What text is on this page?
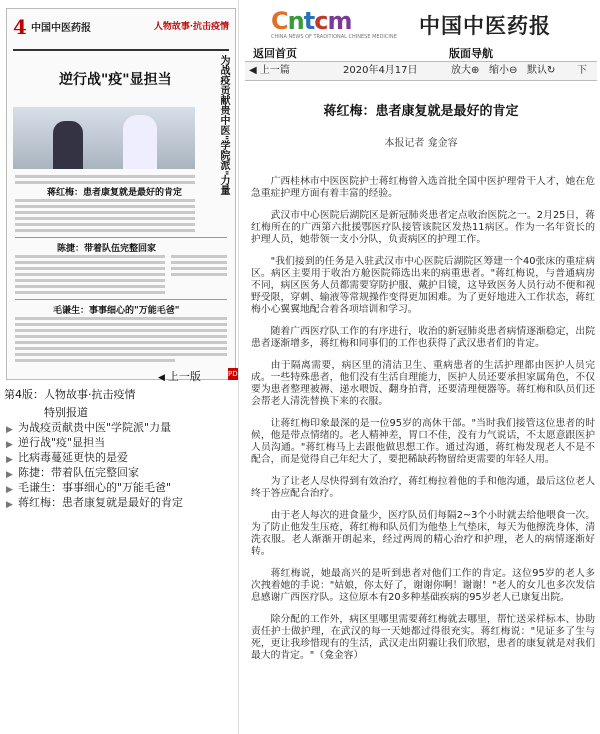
4 中国中医药报	人物故事·抗击疫情
逆行战"疫"显担当	为战疫贡献贵中医"学院派"力量
蒋红梅：患者康复就是最好的肯定
陈捷：带着队伍完整回家
毛谦生：事事细心的"万能毛爸"
◀ 上一版	PDF
第4版：人物故事·抗击疫情
特别报道
▶ 为战疫贡献贵中医"学院派"力量
▶ 逆行战"疫"显担当
▶ 比病毒蔓延更快的是爱
▶ 陈捷：带着队伍完整回家
▶ 毛谦生：事事细心的"万能毛爸"
▶ 蒋红梅：患者康复就是最好的肯定
Cntcm
CHINA NEWS OF TRADITIONAL CHINESE MEDICINE 中国中医药报
返回首页	版面导航
◀ 上一篇	2020年4月17日	放大⊕ 缩小⊖ 默认↻ 下
蒋红梅：患者康复就是最好的肯定
本报记者 龛金容

广西桂林市中医医院护士蒋红梅曾入选首批全国中医护理骨干人才，她在危急重症护理方面有着丰富的经验。

武汉市中心医院后湖院区是新冠肺炎患者定点收治医院之一。2月25日，蒋红梅所在的广西第六批援鄂医疗队接管该院区发热11病区。作为一名年资长的护理人员，她带领一支小分队，负责病区的护理工作。

"我们接到的任务是入驻武汉市中心医院后湖院区筹建一个40张床的重症病区。病区主要用于收治方舱医院筛选出来的病重患者。"蒋红梅说，与普通病房不同，病区医务人员都需要穿防护服、戴护目镜，这导致医务人员行动不便和视野受限，穿刺、输液等常规操作变得更加困难。为了更好地进入工作状态，蒋红梅小心翼翼地配合着各项培训和学习。

随着广西医疗队工作的有序进行，收治的新冠肺炎患者病情逐渐稳定，出院患者逐渐增多，蒋红梅和同事们的工作也获得了武汉患者们的肯定。

由于隔离需要，病区里的清洁卫生、重病患者的生活护理都由医护人员完成。一些特殊患者，他们没有生活自理能力，医护人员还要承担家属角色，不仅要为患者整理被褥、递水喂饭、翻身拍背，还要清理便器等。蒋红梅和队员们还会帮老人清洗替换下来的衣服。

让蒋红梅印象最深的是一位95岁的高休干部。"当时我们接管这位患者的时候，他是带点情绪的。老人精神差，胃口不佳，没有力气说话，不太愿意跟医护人员沟通。"蒋红梅马上去跟他做思想工作。通过沟通，蒋红梅发现老人不是不配合，而是觉得自己年纪大了，要把稀缺药物留给更需要的年轻人用。

为了让老人尽快得到有效治疗，蒋红梅拉着他的手和他沟通，最后这位老人终于答应配合治疗。

由于老人每次的进食量少，医疗队员们每隔2~3个小时就去给他喂食一次。为了防止他发生压疮，蒋红梅和队员们为他垫上气垫床，每天为他擦洗身体，清洗衣服。老人渐渐开朗起来，经过两周的精心治疗和护理，老人的病情逐渐好转。

蒋红梅说，她最高兴的是听到患者对他们工作的肯定。这位95岁的老人多次拽着她的手说："姑娘，你太好了，谢谢你啊！谢谢！"老人的女儿也多次发信息感谢广西医疗队。这位原本有20多种基础疾病的95岁老人已康复出院。

除分配的工作外，病区里哪里需要蒋红梅就去哪里，帮忙送采样标本、协助责任护士做护理，在武汉的每一天她都过得很充实。蒋红梅说："见证多了生与死，更让我珍惜现有的生活，武汉走出阴霾让我们欣慰，患者的康复就是对我们最大的肯定。"（龛金容）
